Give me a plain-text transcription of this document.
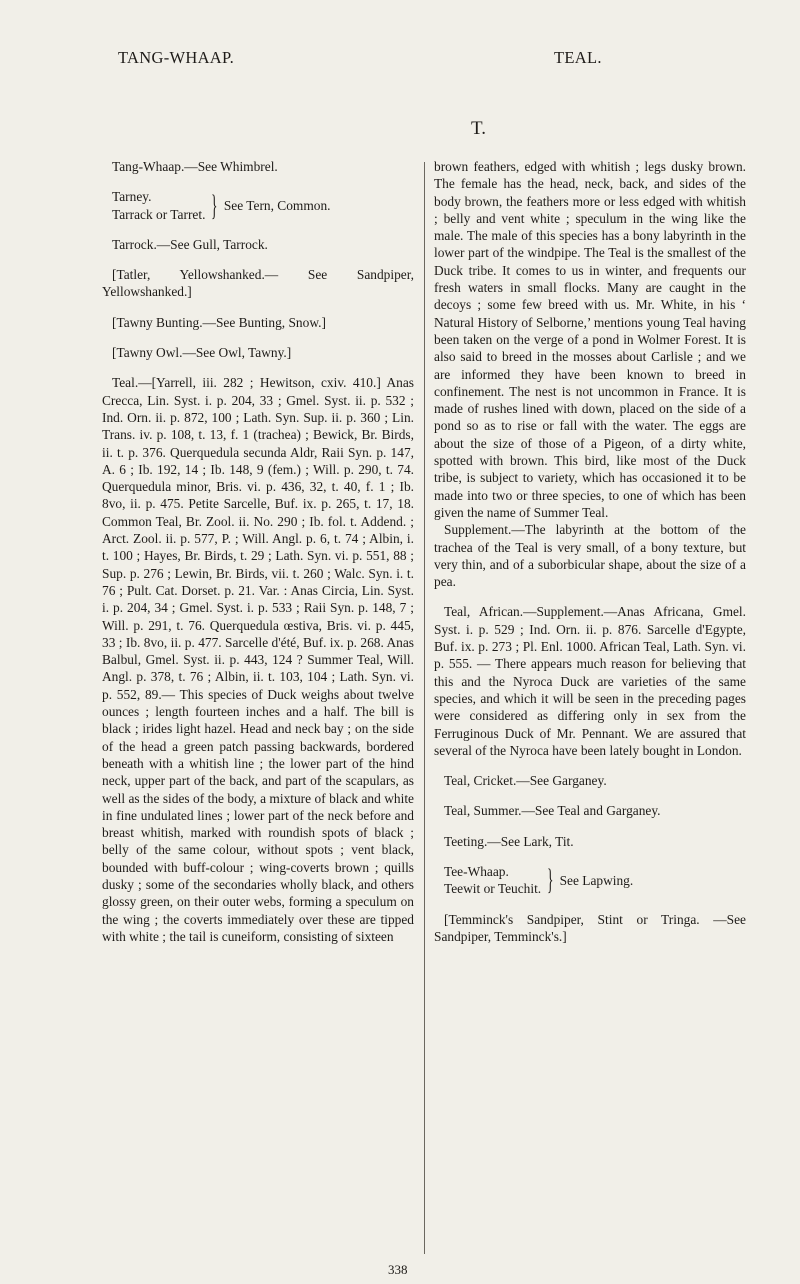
TANG-WHAAP.	TEAL.
T.

Tang-Whaap.—See Whimbrel.

Tarney.
Tarrack or Tarret. } See Tern, Common.

Tarrock.—See Gull, Tarrock.

[Tatler, Yellowshanked.— See Sandpiper, Yellowshanked.]

[Tawny Bunting.—See Bunting, Snow.]

[Tawny Owl.—See Owl, Tawny.]

Teal.—[Yarrell, iii. 282 ; Hewitson, cxiv. 410.] Anas Crecca, Lin. Syst. i. p. 204, 33 ; Gmel. Syst. ii. p. 532 ; Ind. Orn. ii. p. 872, 100 ; Lath. Syn. Sup. ii. p. 360 ; Lin. Trans. iv. p. 108, t. 13, f. 1 (trachea) ; Bewick, Br. Birds, ii. t. p. 376. Querquedula secunda Aldr, Raii Syn. p. 147, A. 6 ; Ib. 192, 14 ; Ib. 148, 9 (fem.) ; Will. p. 290, t. 74. Querquedula minor, Bris. vi. p. 436, 32, t. 40, f. 1 ; Ib. 8vo, ii. p. 475. Petite Sarcelle, Buf. ix. p. 265, t. 17, 18. Common Teal, Br. Zool. ii. No. 290 ; Ib. fol. t. Addend. ; Arct. Zool. ii. p. 577, P. ; Will. Angl. p. 6, t. 74 ; Albin, i. t. 100 ; Hayes, Br. Birds, t. 29 ; Lath. Syn. vi. p. 551, 88 ; Sup. p. 276 ; Lewin, Br. Birds, vii. t. 260 ; Walc. Syn. i. t. 76 ; Pult. Cat. Dorset. p. 21. Var. : Anas Circia, Lin. Syst. i. p. 204, 34 ; Gmel. Syst. i. p. 533 ; Raii Syn. p. 148, 7 ; Will. p. 291, t. 76. Querquedula œstiva, Bris. vi. p. 445, 33 ; Ib. 8vo, ii. p. 477. Sarcelle d'été, Buf. ix. p. 268. Anas Balbul, Gmel. Syst. ii. p. 443, 124 ? Summer Teal, Will. Angl. p. 378, t. 76 ; Albin, ii. t. 103, 104 ; Lath. Syn. vi. p. 552, 89.— This species of Duck weighs about twelve ounces ; length fourteen inches and a half. The bill is black ; irides light hazel. Head and neck bay ; on the side of the head a green patch passing backwards, bordered beneath with a whitish line ; the lower part of the hind neck, upper part of the back, and part of the scapulars, as well as the sides of the body, a mixture of black and white in fine undulated lines ; lower part of the neck before and breast whitish, marked with roundish spots of black ; belly of the same colour, without spots ; vent black, bounded with buff-colour ; wing-coverts brown ; quills dusky ; some of the secondaries wholly black, and others glossy green, on their outer webs, forming a speculum on the wing ; the coverts immediately over these are tipped with white ; the tail is cuneiform, consisting of sixteen

brown feathers, edged with whitish ; legs dusky brown. The female has the head, neck, back, and sides of the body brown, the feathers more or less edged with whitish ; belly and vent white ; speculum in the wing like the male. The male of this species has a bony labyrinth in the lower part of the windpipe. The Teal is the smallest of the Duck tribe. It comes to us in winter, and frequents our fresh waters in small flocks. Many are caught in the decoys ; some few breed with us. Mr. White, in his ‘ Natural History of Selborne,’ mentions young Teal having been taken on the verge of a pond in Wolmer Forest. It is also said to breed in the mosses about Carlisle ; and we are informed they have been known to breed in confinement. The nest is not uncommon in France. It is made of rushes lined with down, placed on the side of a pond so as to rise or fall with the water. The eggs are about the size of those of a Pigeon, of a dirty white, spotted with brown. This bird, like most of the Duck tribe, is subject to variety, which has occasioned it to be made into two or three species, to one of which has been given the name of Summer Teal.

Supplement.—The labyrinth at the bottom of the trachea of the Teal is very small, of a bony texture, but very thin, and of a suborbicular shape, about the size of a pea.

Teal, African.—Supplement.—Anas Africana, Gmel. Syst. i. p. 529 ; Ind. Orn. ii. p. 876. Sarcelle d'Egypte, Buf. ix. p. 273 ; Pl. Enl. 1000. African Teal, Lath. Syn. vi. p. 555. — There appears much reason for believing that this and the Nyroca Duck are varieties of the same species, and which it will be seen in the preceding pages were considered as differing only in sex from the Ferruginous Duck of Mr. Pennant. We are assured that several of the Nyroca have been lately bought in London.

Teal, Cricket.—See Garganey.

Teal, Summer.—See Teal and Garganey.

Teeting.—See Lark, Tit.

Tee-Whaap.
Teewit or Teuchit. } See Lapwing.

[Temminck's Sandpiper, Stint or Tringa. —See Sandpiper, Temminck's.]

338
